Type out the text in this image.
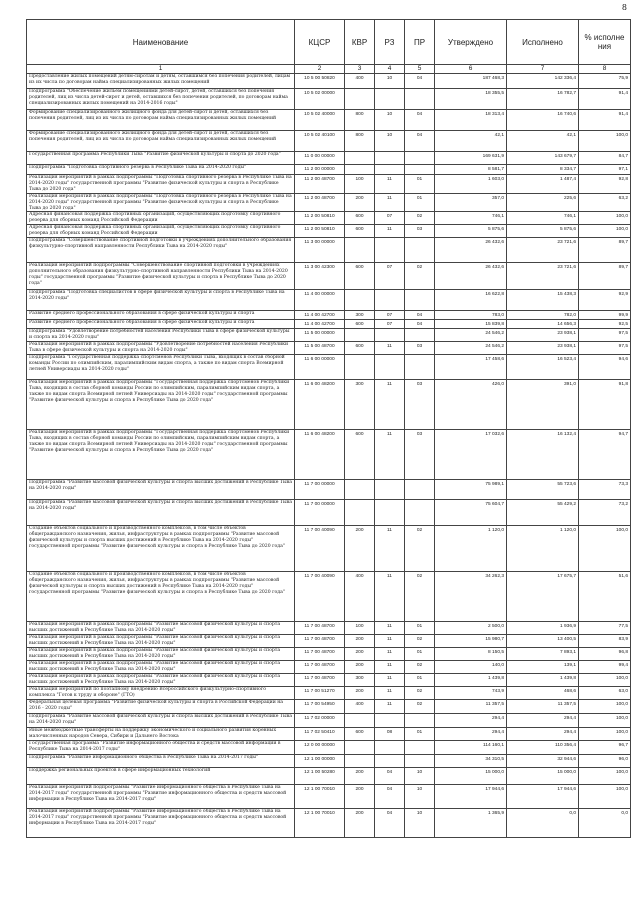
8
Наименование	КЦСР	КВР	РЗ	ПР	Утверждено	Исполнено	% исполне ния
1	2	3	4	5	6	7	8
Предоставление жилых помещений детям-сиротам и детям, оставшимся без попечения родителей, лицам из их числа по договорам найма специализированных жилых помещений	10 5 00 50820	400	10	04	187 468,3	142 336,4	75,9
Подпрограмма "Обеспечение жильем помещениями детей-сирот, детей, оставшихся без попечения родителей, лиц из числа детей-сирот и детей, оставшихся без попечения родителей, по договорам найма специализированных жилых помещений на 2014-2016 годы"	10 5 02 00000				18 355,5	16 782,7	91,4
Формирование специализированного жилищного фонда для детей-сирот и детей, оставшихся без попечения родителей, лиц из их числа по договорам найма специализированных жилых помещений	10 5 02 40000	800	10	04	18 313,4	16 740,6	91,4
Формирование специализированного жилищного фонда для детей-сирот и детей, оставшихся без попечения родителей, лиц из их числа по договорам найма специализированных жилых помещений	10 5 02 40100	800	10	04	42,1	42,1	100,0
Государственная программа Республики Тыва "Развитие физической культуры и спорта до 2020 года"	11 0 00 00000				169 631,9	143 679,7	84,7
Подпрограмма "Подготовка спортивного резерва в Республике Тыва на 2014-2020 годы"	11 2 00 00000				8 581,7	8 334,7	97,1
Реализация мероприятий в рамках подпрограммы "Подготовка спортивного резерва в Республике Тыва на 2014-2020 годы" государственной программы "Развитие физической культуры и спорта в Республике Тыва до 2020 года"	11 2 00 48700	100	11	01	1 603,0	1 487,4	92,8
Реализация мероприятий в рамках подпрограммы "Подготовка спортивного резерва в Республике Тыва на 2014-2020 годы" государственной программы "Развитие физической культуры и спорта в Республике Тыва до 2020 года"	11 2 00 48700	200	11	01	357,0	225,6	63,2
Адресная финансовая поддержка спортивных организаций, осуществляющих подготовку спортивного резерва для сборных команд Российской Федерации	11 2 00 50810	600	07	02	746,1	746,1	100,0
Адресная финансовая поддержка спортивных организаций, осуществляющих подготовку спортивного резерва для сборных команд Российской Федерации	11 2 00 50810	600	11	03	5 875,6	5 875,6	100,0
Подпрограмма "Совершенствование спортивной подготовки в учреждениях дополнительного образования физкультурно-спортивной направленности Республики Тыва на 2014-2020 годы"	11 3 00 00000				26 432,6	23 721,6	89,7
Реализация мероприятий подпрограммы "Совершенствование спортивной подготовки в учреждениях дополнительного образования физкультурно-спортивной направленности Республики Тыва на 2014-2020 годы" государственной программы "Развитие физической культуры и спорта в Республике Тыва до 2020 года"	11 3 00 42300	600	07	02	26 432,6	23 721,6	89,7
Подпрограмма "Подготовка специалистов в сфере физической культуры и спорта в Республике Тыва на 2014-2020 годы"	11 4 00 00000				16 622,8	15 438,3	92,9
Развитие среднего профессионального образования в сфере физической культуры и спорта	11 4 00 42700	300	07	04	783,0	782,0	99,9
Развитие среднего профессионального образования в сфере физической культуры и спорта	11 4 00 42700	600	07	04	15 839,8	14 656,3	92,5
Подпрограмма "Удовлетворение потребностей населения Республики Тыва в сфере физической культуры и спорта на 2014-2020 годы"	11 5 00 00000				24 546,2	23 938,1	97,5
Реализация мероприятий в рамках подпрограммы "Удовлетворение потребностей населения Республики Тыва в сфере физической культуры и спорта на 2014-2020 годы"	11 5 00 48700	600	11	03	24 546,2	23 938,1	97,5
Подпрограмма "Государственная поддержка спортсменов Республики Тыва, входящих в состав сборной команды России по олимпийским, паралимпийским видам спорта, а также по видам спорта Всемирной летней Универсиады на 2014-2020 годы"	11 6 00 00000				17 458,6	16 523,4	94,6
Реализация мероприятий в рамках подпрограммы "Государственная поддержка спортсменов Республики Тыва, входящих в состав сборной команды России по олимпийским, паралимпийским видам спорта, а также по видам спорта Всемирной летней Универсиады на 2014-2020 годы" государственной программы "Развитие физической культуры и спорта в Республике Тыва до 2020 года"	11 6 00 48200	300	11	03	426,0	391,0	91,8
Реализация мероприятий в рамках подпрограммы "Государственная поддержка спортсменов Республики Тыва, входящих в состав сборной команды России по олимпийским, паралимпийским видам спорта, а также по видам спорта Всемирной летней Универсиады на 2014-2020 годы" государственной программы "Развитие физической культуры и спорта в Республике Тыва до 2020 года"	11 6 00 48200	600	11	03	17 032,6	16 132,4	94,7
Подпрограмма "Развитие массовой физической культуры и спорта высших достижений в Республике Тыва на 2014-2020 годы"	11 7 00 00000				75 989,1	55 723,6	73,3
Подпрограмма "Развитие массовой физической культуры и спорта высших достижений в Республике Тыва на 2014-2020 годы"	11 7 00 00000				75 604,7	55 429,2	73,2
Создание объектов социального и производственного комплексов, в том числе объектов общегражданского назначения, жилья, инфраструктуры в рамках подпрограммы "Развитие массовой физической культуры и спорта высших достижений в Республике Тыва на 2014-2020 годы" государственной программы "Развитие физической культуры и спорта в Республике Тыва до 2020 года"	11 7 00 40090	200	11	02	1 120,0	1 120,0	100,0
Создание объектов социального и производственного комплексов, в том числе объектов общегражданского назначения, жилья, инфраструктуры в рамках подпрограммы "Развитие массовой физической культуры и спорта высших достижений в Республике Тыва на 2014-2020 годы" государственной программы "Развитие физической культуры и спорта в Республике Тыва до 2020 года"	11 7 00 40090	400	11	02	34 262,3	17 675,7	51,6
Реализация мероприятий в рамках подпрограммы "Развитие массовой физической культуры и спорта высших достижений в Республике Тыва на 2014-2020 годы"	11 7 00 48700	100	11	01	2 500,0	1 936,9	77,5
Реализация мероприятий в рамках подпрограммы "Развитие массовой физической культуры и спорта высших достижений в Республике Тыва на 2014-2020 годы"	11 7 00 48700	200	11	02	15 980,7	13 400,5	83,9
Реализация мероприятий в рамках подпрограммы "Развитие массовой физической культуры и спорта высших достижений в Республике Тыва на 2014-2020 годы"	11 7 00 48700	200	11	01	8 150,5	7 893,1	96,8
Реализация мероприятий в рамках подпрограммы "Развитие массовой физической культуры и спорта высших достижений в Республике Тыва на 2014-2020 годы"	11 7 00 48700	200	11	02	140,0	139,1	99,4
Реализация мероприятий в рамках подпрограммы "Развитие массовой физической культуры и спорта высших достижений в Республике Тыва на 2014-2020 годы"	11 7 00 48700	300	11	01	1 439,8	1 439,8	100,0
Реализация мероприятий по поэтапному внедрению Всероссийского физкультурно-спортивного комплекса "Готов к труду и обороне" (ГТО)	11 7 00 51270	200	11	02	743,9	468,6	63,0
Федеральная целевая программа "Развитие физической культуры и спорта в Российской Федерации на 2016 - 2020 годы"	11 7 00 54950	400	11	02	11 357,5	11 357,5	100,0
Подпрограмма "Развитие массовой физической культуры и спорта высших достижений в Республике Тыва на 2014-2020 годы"	11 7 02 00000				294,4	294,4	100,0
Иные межбюджетные трансферты на поддержку экономического и социального развития коренных малочисленных народов Севера, Сибири и Дальнего Востока	11 7 02 50410	600	08	01	294,4	294,4	100,0
Государственная программа "Развитие информационного общества и средств массовой информации в Республике Тыва на 2014-2017 годы"	12 0 00 00000				114 160,1	110 356,4	96,7
Подпрограмма "Развитие информационного общества в Республике Тыва на 2014-2017 годы"	12 1 00 00000				34 310,5	32 944,6	96,0
Поддержка региональных проектов в сфере информационных технологий	12 1 00 50280	200	04	10	15 000,0	15 000,0	100,0
Реализация мероприятий подпрограммы "Развитие информационного общества в Республике Тыва на 2014-2017 годы" государственной программы "Развитие информационного общества и средств массовой информации в Республике Тыва на 2014-2017 годы"	12 1 00 70010	200	04	10	17 944,6	17 944,6	100,0
Реализация мероприятий подпрограммы "Развитие информационного общества в Республике Тыва на 2014-2017 годы" государственной программы "Развитие информационного общества и средств массовой информации в Республике Тыва на 2014-2017 годы"	12 1 00 70010	200	04	10	1 365,9	0,0	0,0
